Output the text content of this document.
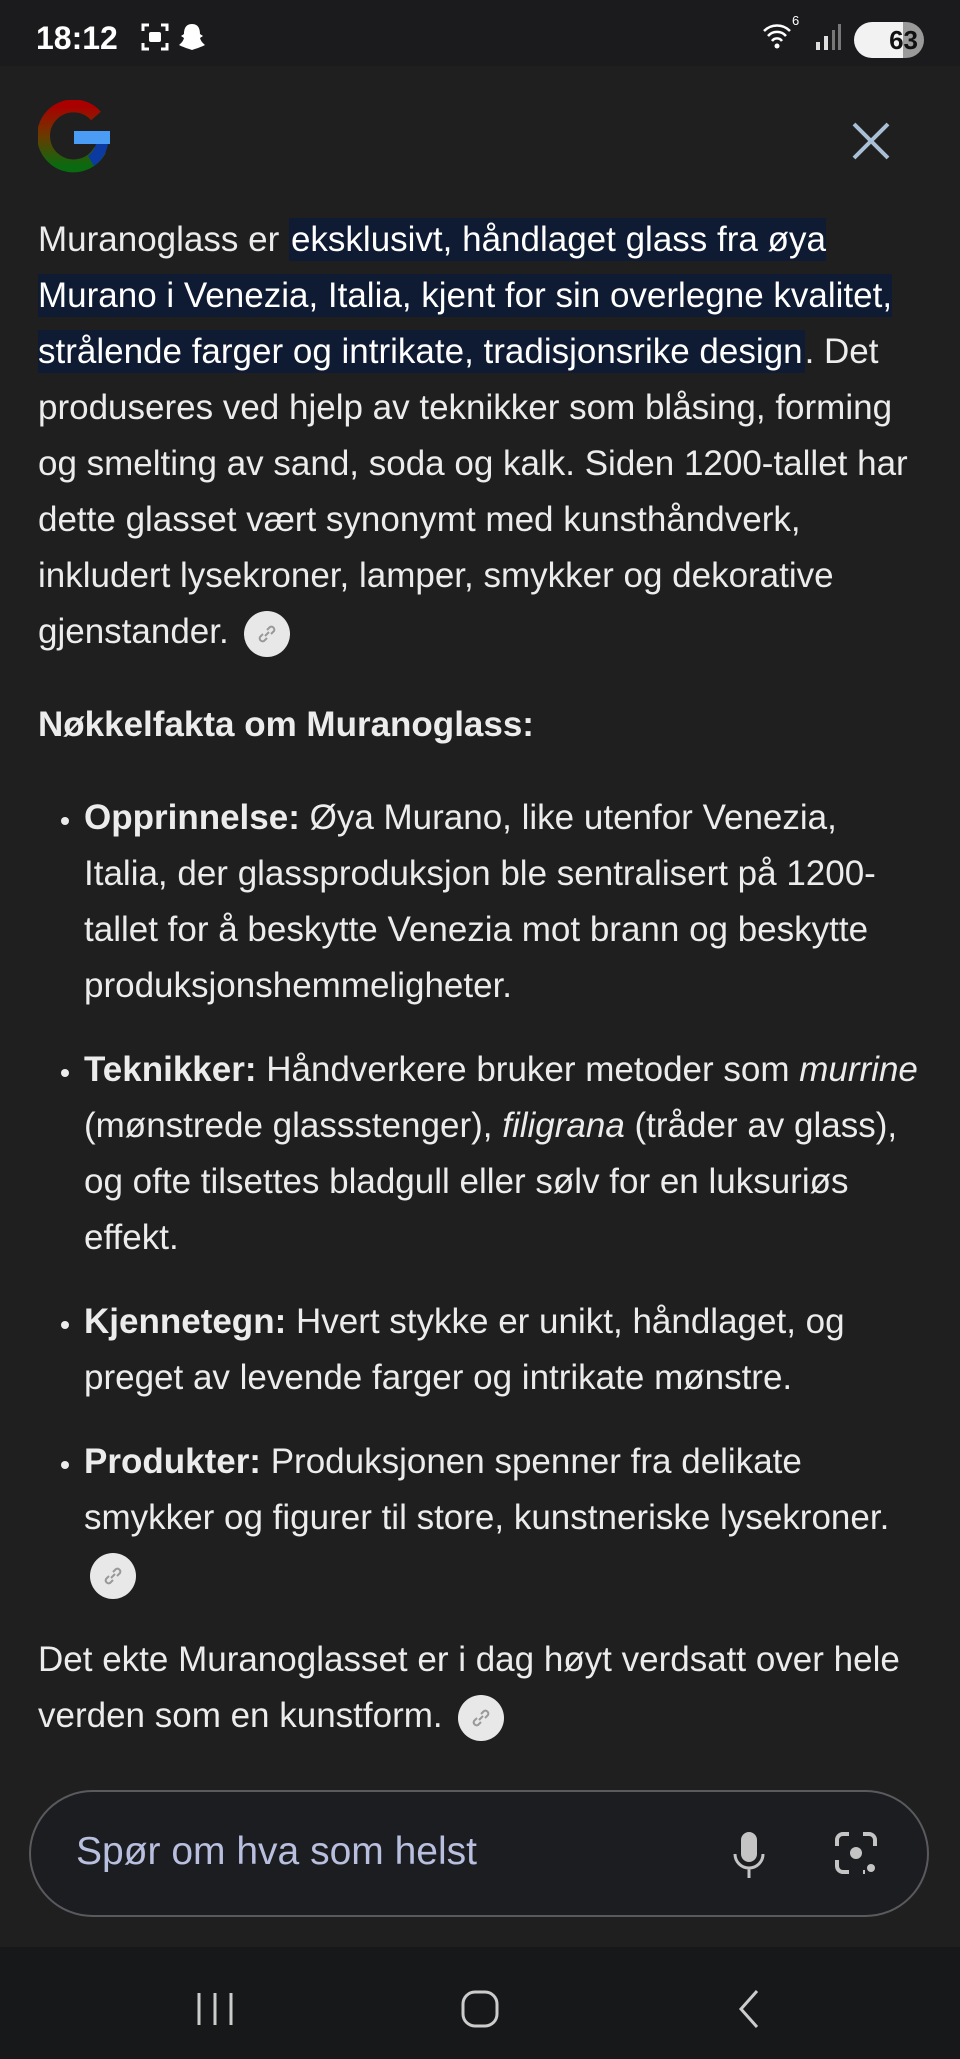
18:12	6
63

Muranoglass er eksklusivt, håndlaget glass fra øya Murano i Venezia, Italia, kjent for sin overlegne kvalitet, strålende farger og intrikate, tradisjonsrike design. Det produseres ved hjelp av teknikker som blåsing, forming og smelting av sand, soda og kalk. Siden 1200-tallet har dette glasset vært synonymt med kunsthåndverk, inkludert lysekroner, lamper, smykker og dekorative gjenstander.

Nøkkelfakta om Muranoglass:

• Opprinnelse: Øya Murano, like utenfor Venezia, Italia, der glassproduksjon ble sentralisert på 1200-tallet for å beskytte Venezia mot brann og beskytte produksjonshemmeligheter.
• Teknikker: Håndverkere bruker metoder som murrine (mønstrede glassstenger), filigrana (tråder av glass), og ofte tilsettes bladgull eller sølv for en luksuriøs effekt.
• Kjennetegn: Hvert stykke er unikt, håndlaget, og preget av levende farger og intrikate mønstre.
• Produkter: Produksjonen spenner fra delikate smykker og figurer til store, kunstneriske lysekroner.

Det ekte Muranoglasset er i dag høyt verdsatt over hele verden som en kunstform.

Spør om hva som helst
